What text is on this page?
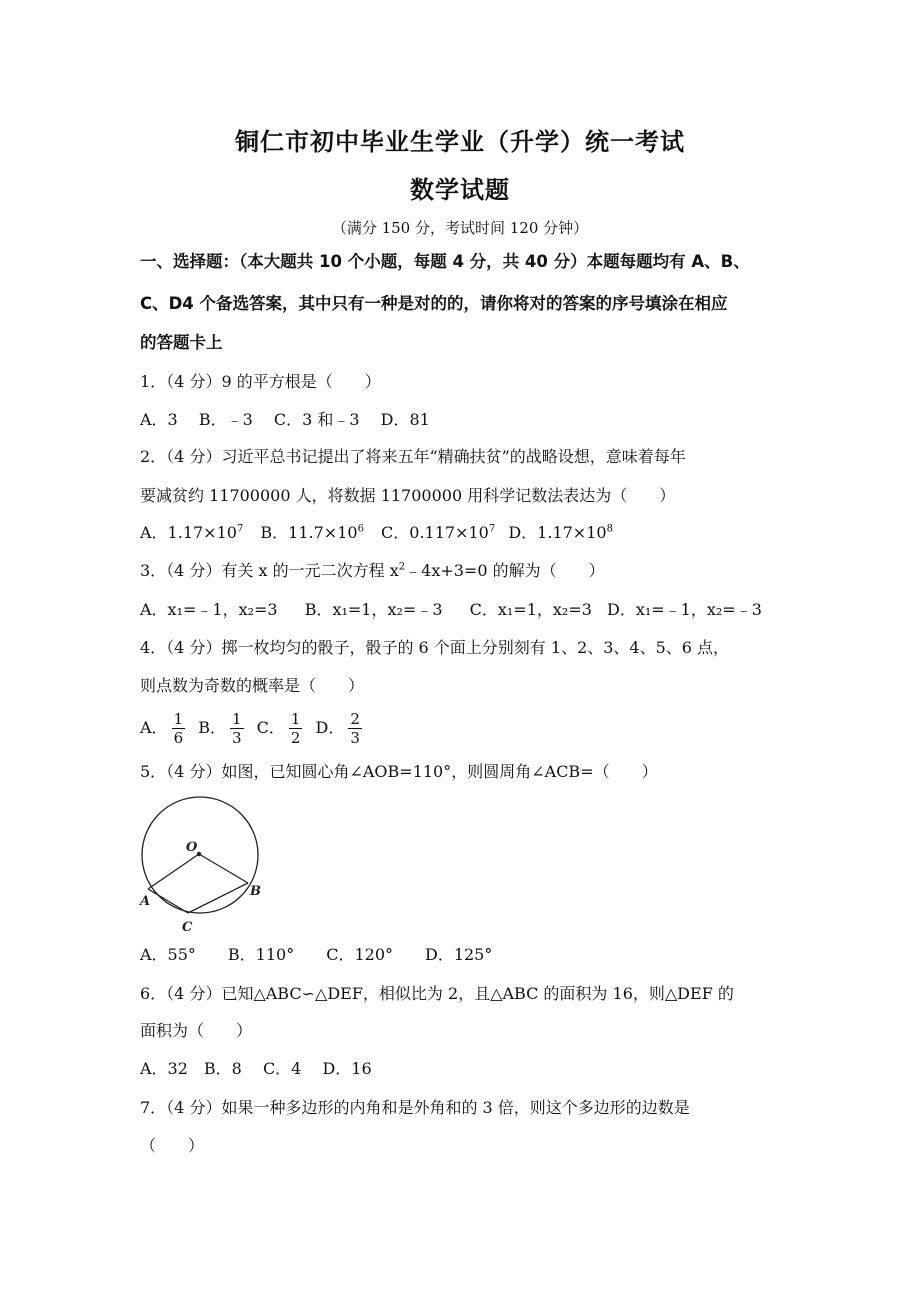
铜仁市初中毕业生学业（升学）统一考试
数学试题
（满分 150 分，考试时间 120 分钟）
一、选择题：（本大题共 10 个小题，每题 4 分，共 40 分）本题每题均有 A、B、
C、D4 个备选答案，其中只有一种是对的的，请你将对的答案的序号填涂在相应
的答题卡上
1．（4 分）9 的平方根是（　　）
A．3　 B．﹣3　 C．3 和﹣3　 D．81
2．（4 分）习近平总书记提出了将来五年“精确扶贫”的战略设想，意味着每年
要减贫约 11700000 人，将数据 11700000 用科学记数法表达为（　　）
A．$1.17\times 10^7$ B．$11.7\times 10^6$ C．$0.117\times 10^7$ D．$1.17\times 10^8$
3．（4 分）有关 x 的一元二次方程 $x^2﹣4x+3=0$ 的解为（　　）
A．x₁=﹣1，x₂=3 B．x₁=1，x₂=﹣3 C．x₁=1，x₂=3 D．x₁=﹣1，x₂=﹣3
4．（4 分）掷一枚均匀的骰子，骰子的 6 个面上分别刻有 1、2、3、4、5、6 点，
则点数为奇数的概率是（　　）
A． $\frac{1}{6}$ B． $\frac{1}{3}$ C． $\frac{1}{2}$ D． $\frac{2}{3}$
5．（4 分）如图，已知圆心角∠AOB=110°，则圆周角∠ACB=（　　）
O
A
B
C
A．55°　　B．110°　　C．120°　　D．125°
6．（4 分）已知△ABC∽△DEF，相似比为 2，且△ABC 的面积为 16，则△DEF 的
面积为（　　）
A．32　B．8　 C．4　 D．16
7．（4 分）如果一种多边形的内角和是外角和的 3 倍，则这个多边形的边数是
（　　）
